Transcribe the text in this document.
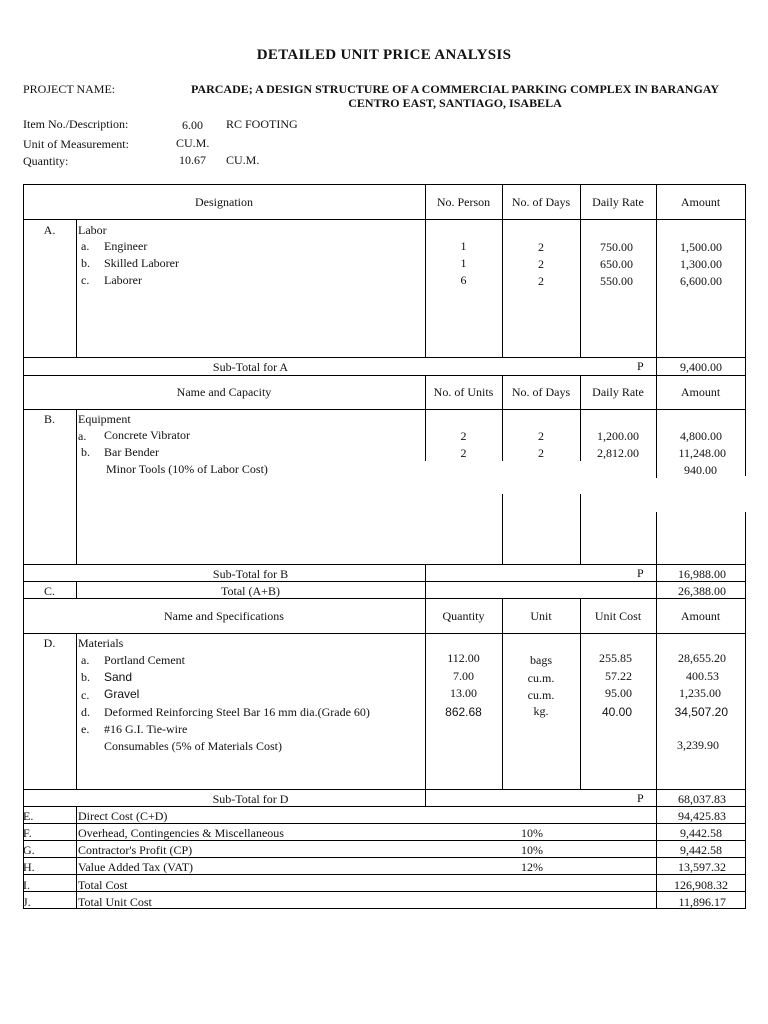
DETAILED UNIT PRICE ANALYSIS
PROJECT NAME:	PARCADE; A DESIGN STRUCTURE OF A COMMERCIAL PARKING COMPLEX IN BARANGAY
CENTRO EAST, SANTIAGO, ISABELA
Item No./Description:	6.00 RC FOOTING
Unit of Measurement:	CU.M.
Quantity:	10.67 CU.M.
Designation	No. Person	No. of Days	Daily Rate	Amount
A.	Labor
a. Engineer	1	2	750.00	1,500.00
b. Skilled Laborer	1	2	650.00	1,300.00
c. Laborer	6	2	550.00	6,600.00
Sub-Total for A	P	9,400.00
Name and Capacity	No. of Units	No. of Days	Daily Rate	Amount
B.	Equipment
a. Concrete Vibrator	2	2	1,200.00	4,800.00
b. Bar Bender	2	2	2,812.00	11,248.00
Minor Tools (10% of Labor Cost)	940.00
Sub-Total for B	P	16,988.00
C.	Total (A+B)	26,388.00
Name and Specifications	Quantity	Unit	Unit Cost	Amount
D.	Materials
a. Portland Cement	112.00	bags	255.85	28,655.20
b. Sand	7.00	cu.m.	57.22	400.53
c. Gravel	13.00	cu.m.	95.00	1,235.00
d. Deformed Reinforcing Steel Bar 16 mm dia.(Grade 60)	862.68	kg.	40.00	34,507.20
e. #16 G.I. Tie-wire
Consumables (5% of Materials Cost)	3,239.90
Sub-Total for D	P	68,037.83
E.	Direct Cost (C+D)	94,425.83
F.	Overhead, Contingencies & Miscellaneous	10%	9,442.58
G.	Contractor's Profit (CP)	10%	9,442.58
H.	Value Added Tax (VAT)	12%	13,597.32
I.	Total Cost	126,908.32
J.	Total Unit Cost	11,896.17
